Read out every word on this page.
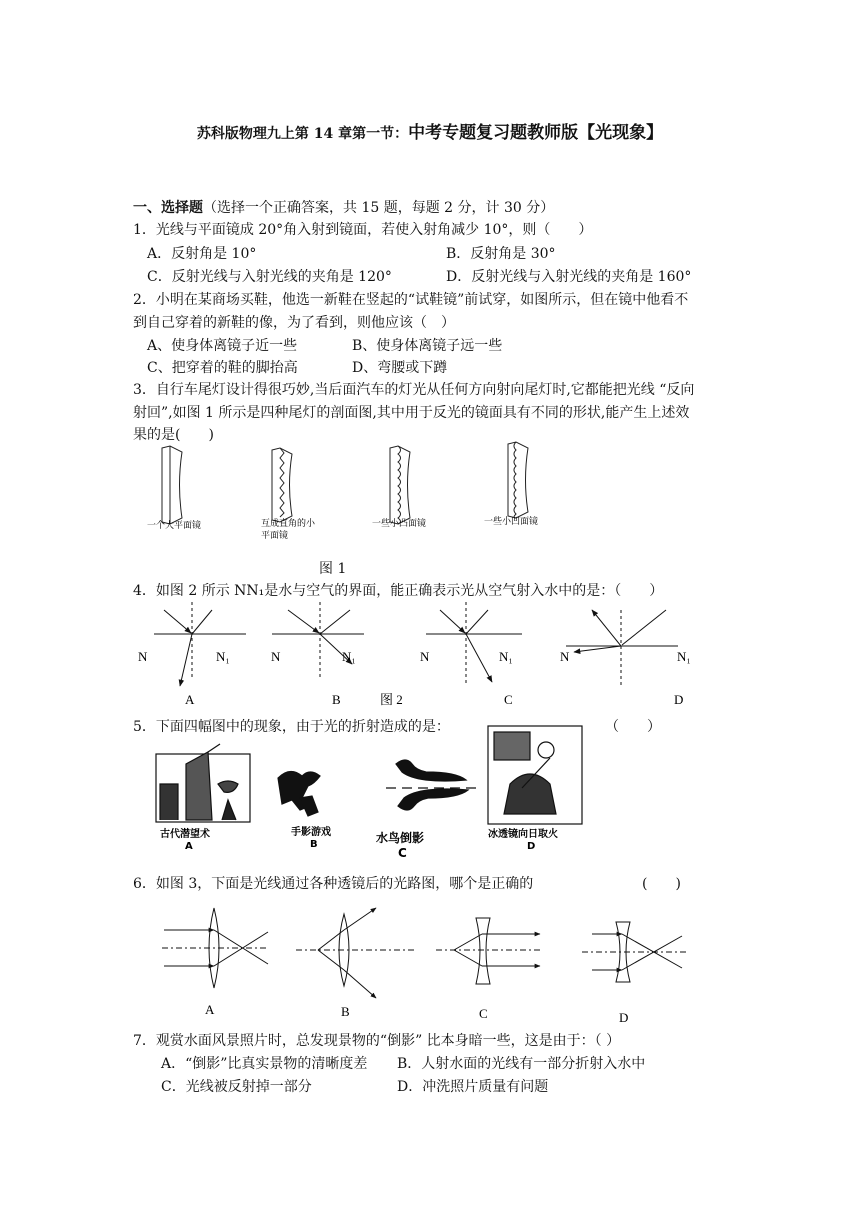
苏科版物理九上第 14 章第一节：中考专题复习题教师版【光现象】
一、选择题（选择一个正确答案，共 15 题，每题 2 分，计 30 分）
1．光线与平面镜成 20°角入射到镜面，若使入射角减少 10°，则（　　）
A．反射角是 10°	B．反射角是 30°
C．反射光线与入射光线的夹角是 120°	D．反射光线与入射光线的夹角是 160°
2．小明在某商场买鞋，他选一新鞋在竖起的“试鞋镜”前试穿，如图所示，但在镜中他看不
到自己穿着的新鞋的像，为了看到，则他应该（　）
A、使身体离镜子近一些	B、使身体离镜子远一些
C、把穿着的鞋的脚抬高	D、弯腰或下蹲
3．自行车尾灯设计得很巧妙,当后面汽车的灯光从任何方向射向尾灯时,它都能把光线 “反向
射回”,如图 1 所示是四种尾灯的剖面图,其中用于反光的镜面具有不同的形状,能产生上述效
果的是(　　)
一个大平面镜	互成直角的小
平面镜
一些小凸面镜	一些小凹面镜
图 1
4．如图 2 所示 NN₁是水与空气的界面，能正确表示光从空气射入水中的是：（　　）
N	N₁	N	N₁	N	N₁	N	N₁
A	B	图 2	C	D
5．下面四幅图中的现象，由于光的折射造成的是：	（　　）
古代潜望术	手影游戏	水鸟倒影	冰透镜向日取火
A	B
C	D
6．如图 3，下面是光线通过各种透镜后的光路图，哪个是正确的	(　　)
A	B	C	D
7．观赏水面风景照片时，总发现景物的“倒影” 比本身暗一些，这是由于：（ ）
A．“倒影”比真实景物的清晰度差 B．人射水面的光线有一部分折射入水中
C．光线被反射掉一部分	D．冲洗照片质量有问题
